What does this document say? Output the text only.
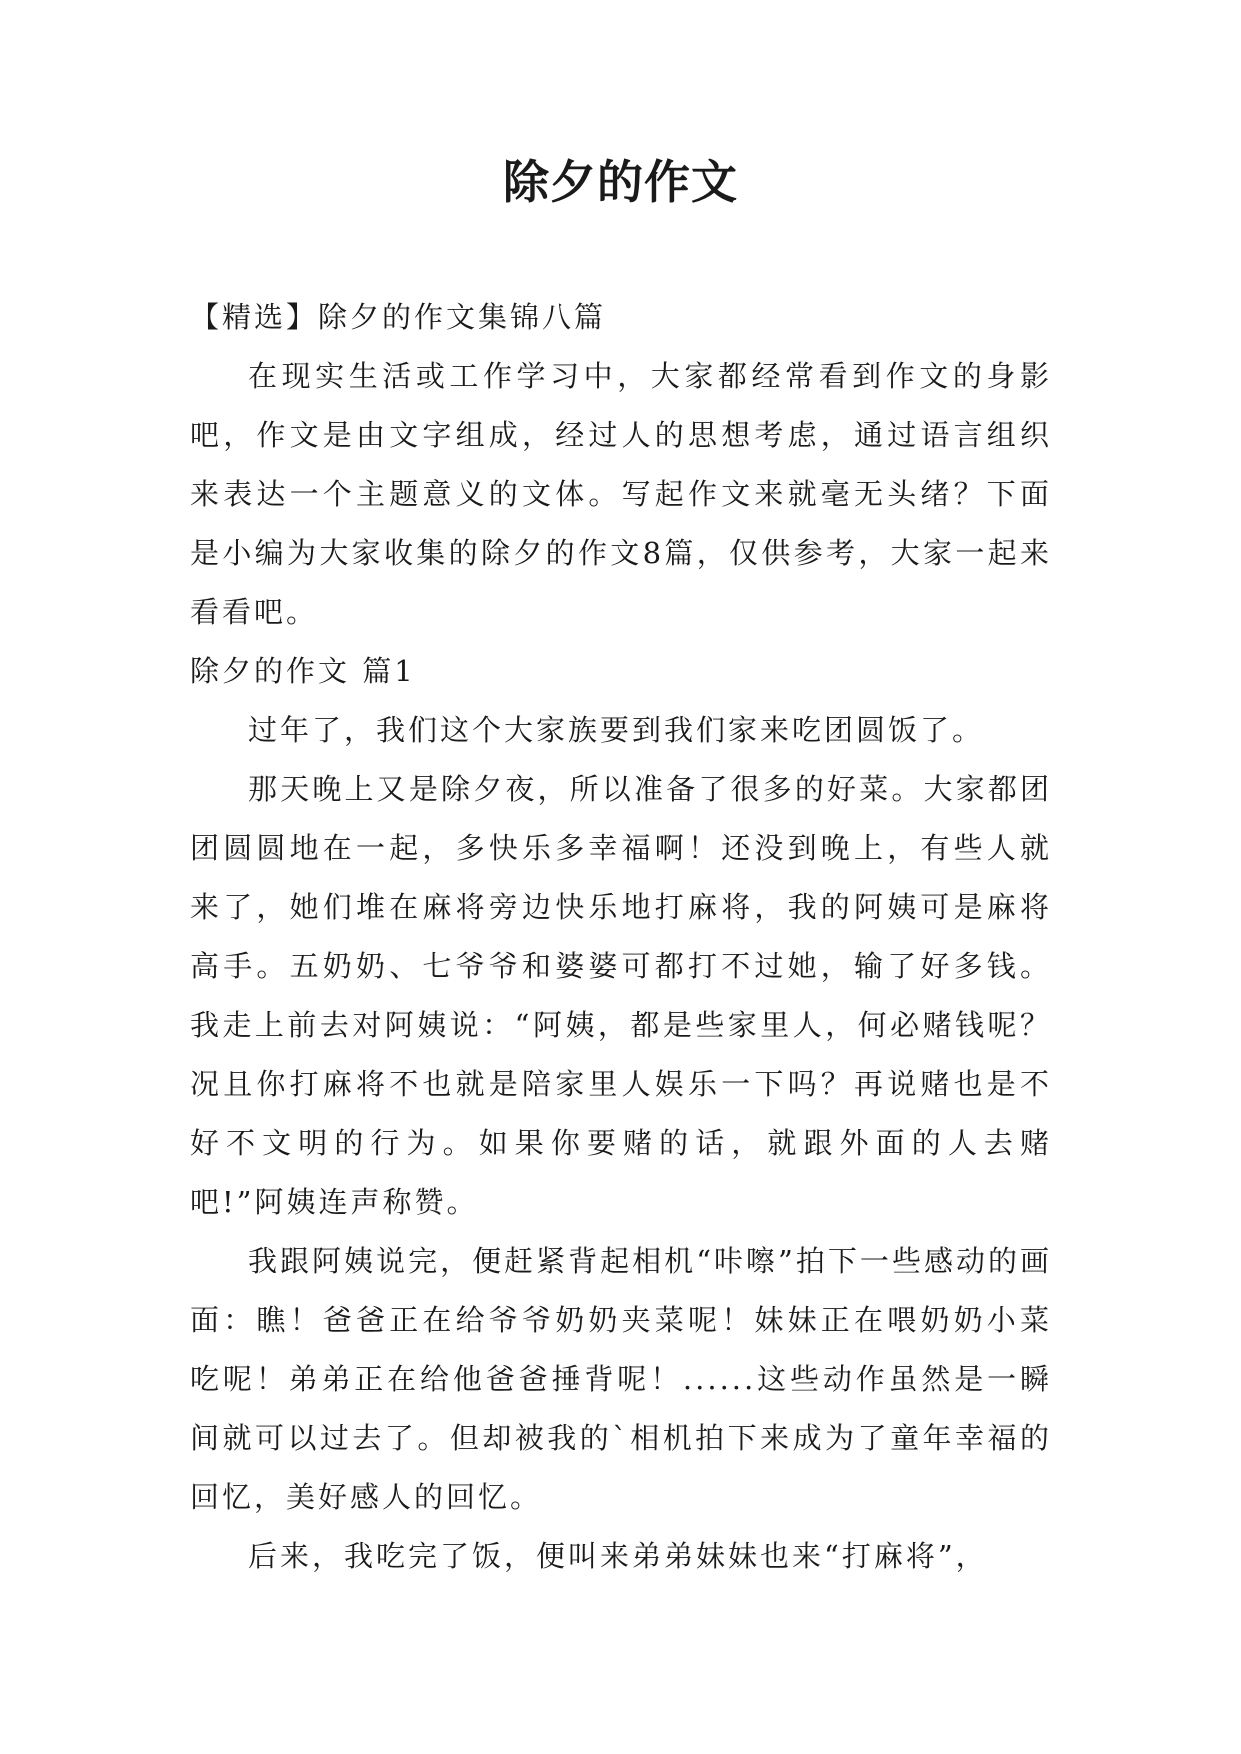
除夕的作文

【精选】除夕的作文集锦八篇

在现实生活或工作学习中，大家都经常看到作文的身影吧，作文是由文字组成，经过人的思想考虑，通过语言组织来表达一个主题意义的文体。写起作文来就毫无头绪？下面是小编为大家收集的除夕的作文8篇，仅供参考，大家一起来看看吧。

除夕的作文 篇1

过年了，我们这个大家族要到我们家来吃团圆饭了。

那天晚上又是除夕夜，所以准备了很多的好菜。大家都团团圆圆地在一起，多快乐多幸福啊！还没到晚上，有些人就来了，她们堆在麻将旁边快乐地打麻将，我的阿姨可是麻将高手。五奶奶、七爷爷和婆婆可都打不过她，输了好多钱。我走上前去对阿姨说：“阿姨，都是些家里人，何必赌钱呢？况且你打麻将不也就是陪家里人娱乐一下吗？再说赌也是不好不文明的行为。如果你要赌的话，就跟外面的人去赌吧!”阿姨连声称赞。

我跟阿姨说完，便赶紧背起相机“咔嚓”拍下一些感动的画面：瞧！爸爸正在给爷爷奶奶夹菜呢！妹妹正在喂奶奶小菜吃呢！弟弟正在给他爸爸捶背呢！......这些动作虽然是一瞬间就可以过去了。但却被我的`相机拍下来成为了童年幸福的回忆，美好感人的回忆。

后来，我吃完了饭，便叫来弟弟妹妹也来“打麻将”，
